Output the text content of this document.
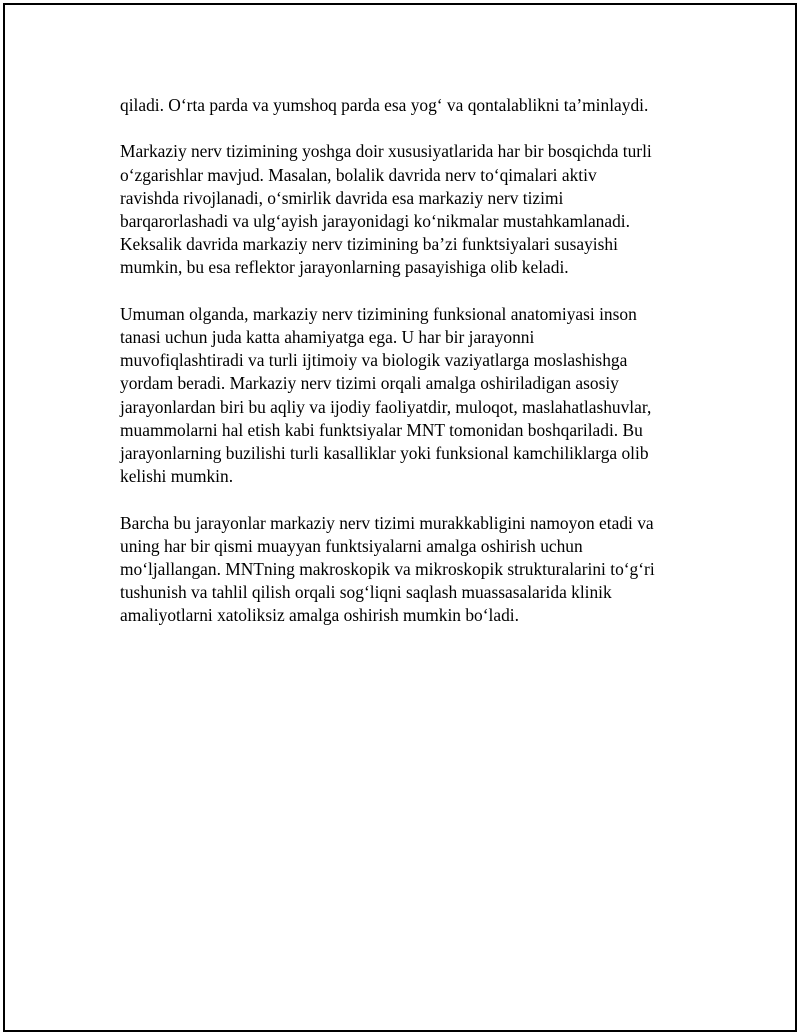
qiladi. O‘rta parda va yumshoq parda esa yog‘ va qontalablikni ta’minlaydi.

Markaziy nerv tizimining yoshga doir xususiyatlarida har bir bosqichda turli
o‘zgarishlar mavjud. Masalan, bolalik davrida nerv to‘qimalari aktiv
ravishda rivojlanadi, o‘smirlik davrida esa markaziy nerv tizimi
barqarorlashadi va ulg‘ayish jarayonidagi ko‘nikmalar mustahkamlanadi.
Keksalik davrida markaziy nerv tizimining ba’zi funktsiyalari susayishi
mumkin, bu esa reflektor jarayonlarning pasayishiga olib keladi.

Umuman olganda, markaziy nerv tizimining funksional anatomiyasi inson
tanasi uchun juda katta ahamiyatga ega. U har bir jarayonni
muvofiqlashtiradi va turli ijtimoiy va biologik vaziyatlarga moslashishga
yordam beradi. Markaziy nerv tizimi orqali amalga oshiriladigan asosiy
jarayonlardan biri bu aqliy va ijodiy faoliyatdir, muloqot, maslahatlashuvlar,
muammolarni hal etish kabi funktsiyalar MNT tomonidan boshqariladi. Bu
jarayonlarning buzilishi turli kasalliklar yoki funksional kamchiliklarga olib
kelishi mumkin.

Barcha bu jarayonlar markaziy nerv tizimi murakkabligini namoyon etadi va
uning har bir qismi muayyan funktsiyalarni amalga oshirish uchun
mo‘ljallangan. MNTning makroskopik va mikroskopik strukturalarini to‘g‘ri
tushunish va tahlil qilish orqali sog‘liqni saqlash muassasalarida klinik
amaliyotlarni xatoliksiz amalga oshirish mumkin bo‘ladi.
